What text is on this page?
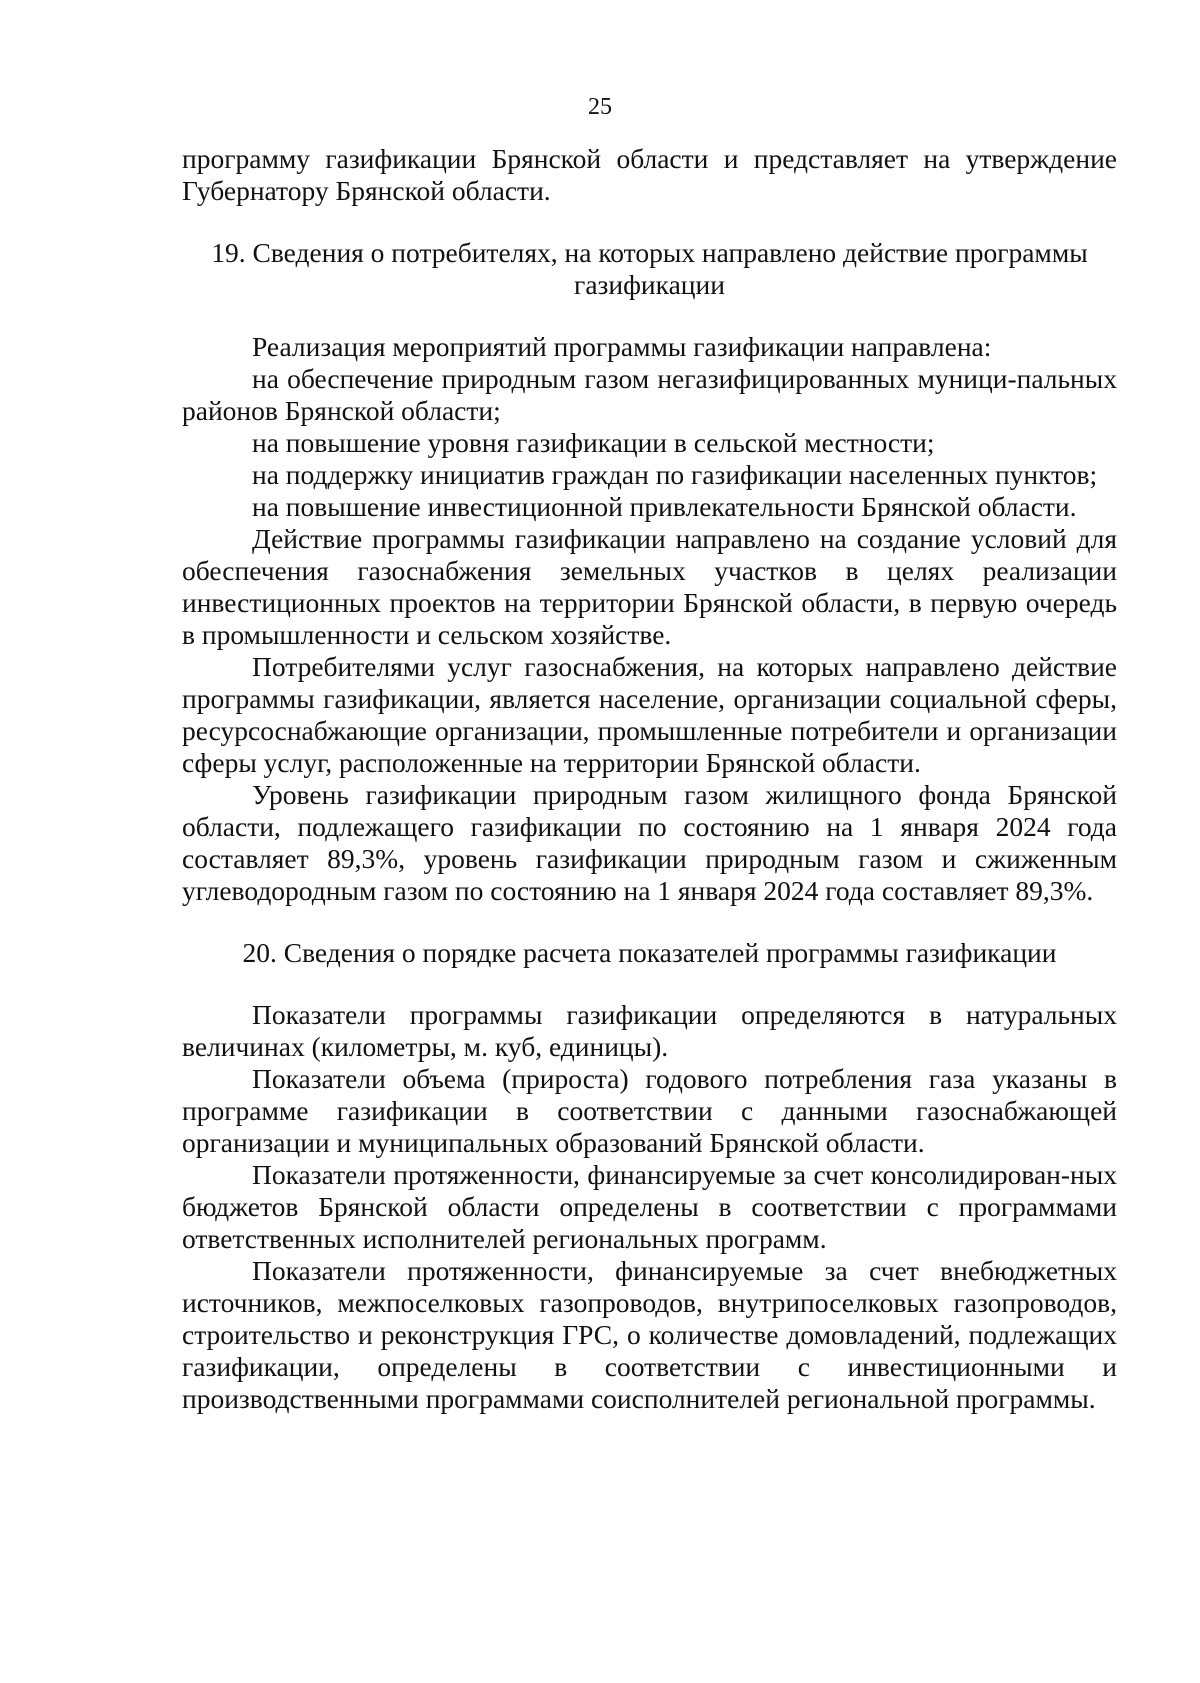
25

программу газификации Брянской области и представляет на утверждение Губернатору Брянской области.

19. Сведения о потребителях, на которых направлено действие программы газификации

Реализация мероприятий программы газификации направлена:

на обеспечение природным газом негазифицированных муници-пальных районов Брянской области;

на повышение уровня газификации в сельской местности;

на поддержку инициатив граждан по газификации населенных пунктов;

на повышение инвестиционной привлекательности Брянской области.

Действие программы газификации направлено на создание условий для обеспечения газоснабжения земельных участков в целях реализации инвестиционных проектов на территории Брянской области, в первую очередь в промышленности и сельском хозяйстве.

Потребителями услуг газоснабжения, на которых направлено действие программы газификации, является население, организации социальной сферы, ресурсоснабжающие организации, промышленные потребители и организации сферы услуг, расположенные на территории Брянской области.

Уровень газификации природным газом жилищного фонда Брянской области, подлежащего газификации по состоянию на 1 января 2024 года составляет 89,3%, уровень газификации природным газом и сжиженным углеводородным газом по состоянию на 1 января 2024 года составляет 89,3%.

20. Сведения о порядке расчета показателей программы газификации

Показатели программы газификации определяются в натуральных величинах (километры, м. куб, единицы).

Показатели объема (прироста) годового потребления газа указаны в программе газификации в соответствии с данными газоснабжающей организации и муниципальных образований Брянской области.

Показатели протяженности, финансируемые за счет консолидирован-ных бюджетов Брянской области определены в соответствии с программами ответственных исполнителей региональных программ.

Показатели протяженности, финансируемые за счет внебюджетных источников, межпоселковых газопроводов, внутрипоселковых газопроводов, строительство и реконструкция ГРС, о количестве домовладений, подлежащих газификации, определены в соответствии с инвестиционными и производственными программами соисполнителей региональной программы.
